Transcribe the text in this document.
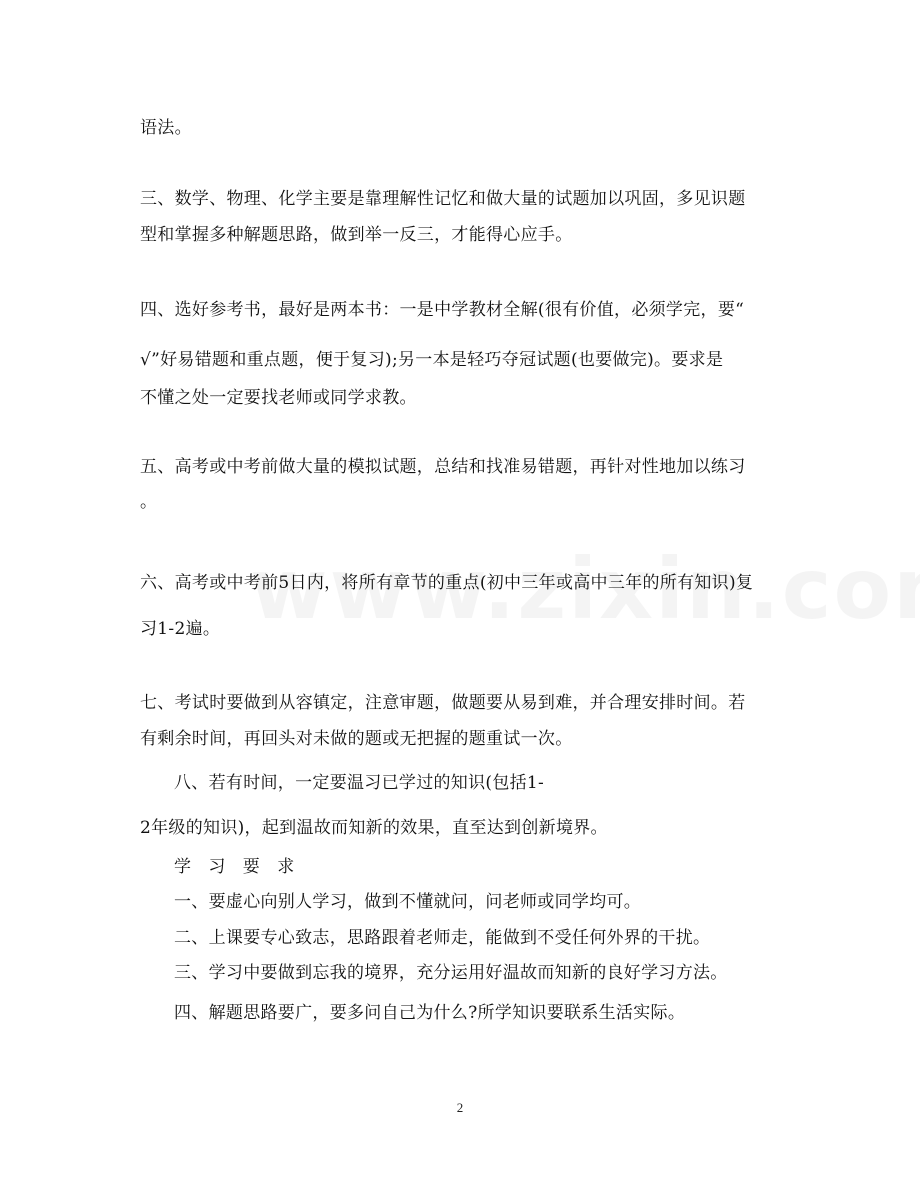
语法。
三、数学、物理、化学主要是靠理解性记忆和做大量的试题加以巩固，多见识题
型和掌握多种解题思路，做到举一反三，才能得心应手。
四、选好参考书，最好是两本书：一是中学教材全解(很有价值，必须学完，要“
√”好易错题和重点题，便于复习);另一本是轻巧夺冠试题(也要做完)。要求是
不懂之处一定要找老师或同学求教。
五、高考或中考前做大量的模拟试题，总结和找准易错题，再针对性地加以练习
。
六、高考或中考前5日内，将所有章节的重点(初中三年或高中三年的所有知识)复
习1-2遍。
七、考试时要做到从容镇定，注意审题，做题要从易到难，并合理安排时间。若
有剩余时间，再回头对未做的题或无把握的题重试一次。
八、若有时间，一定要温习已学过的知识(包括1-
2年级的知识)，起到温故而知新的效果，直至达到创新境界。
学 习 要 求
一、要虚心向别人学习，做到不懂就问，问老师或同学均可。
二、上课要专心致志，思路跟着老师走，能做到不受任何外界的干扰。
三、学习中要做到忘我的境界，充分运用好温故而知新的良好学习方法。
四、解题思路要广，要多问自己为什么?所学知识要联系生活实际。
2
